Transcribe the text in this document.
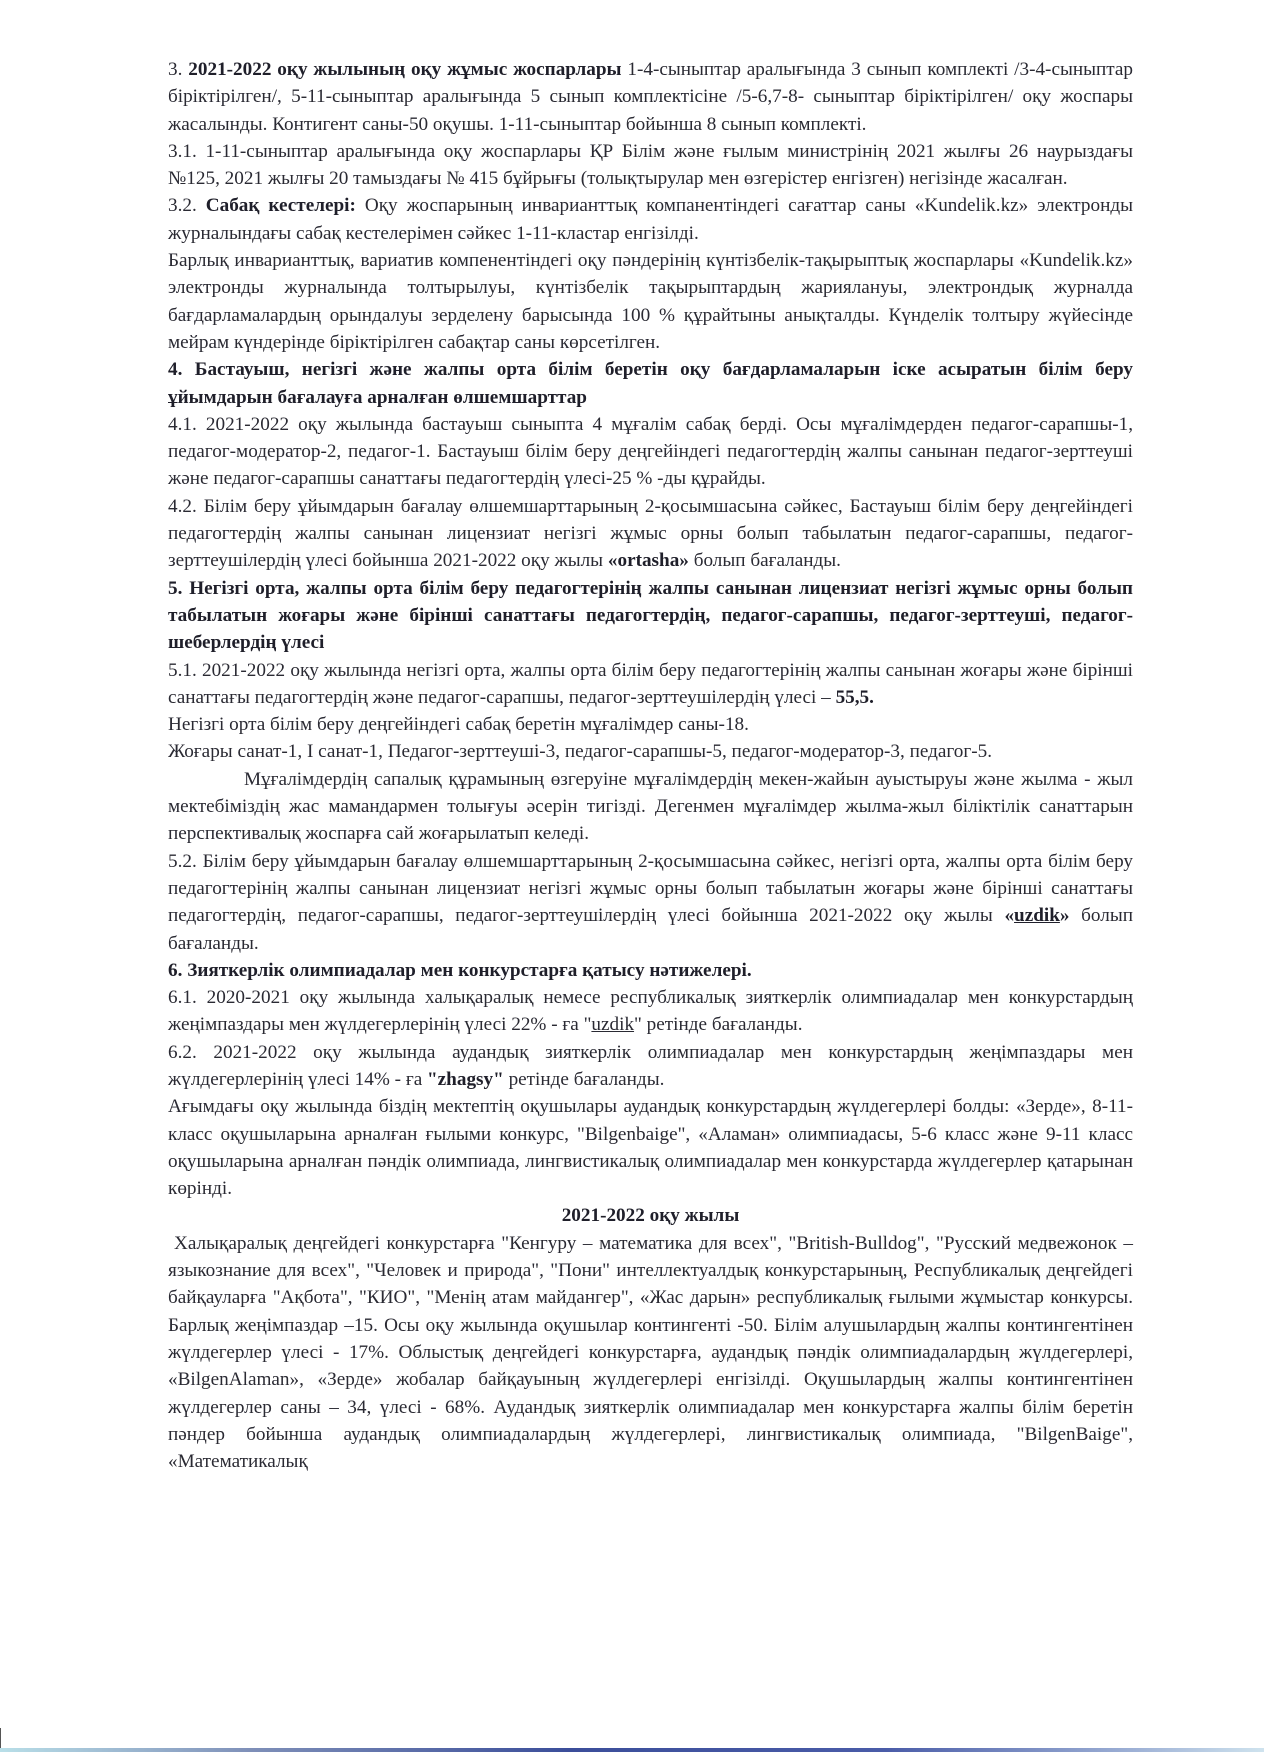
3. 2021-2022 оқу жылының оқу жұмыс жоспарлары 1-4-сыныптар аралығында 3 сынып комплекті /3-4-сыныптар біріктірілген/, 5-11-сыныптар аралығында 5 сынып комплектісіне /5-6,7-8- сыныптар біріктірілген/ оқу жоспары жасалынды. Контигент саны-50 оқушы. 1-11-сыныптар бойынша 8 сынып комплекті.

3.1. 1-11-сыныптар аралығында оқу жоспарлары ҚР Білім және ғылым министрінің 2021 жылғы 26 наурыздағы №125, 2021 жылғы 20 тамыздағы № 415 бұйрығы (толықтырулар мен өзгерістер енгізген) негізінде жасалған.

3.2. Сабақ кестелері: Оқу жоспарының инварианттық компанентіндегі сағаттар саны «Kundelik.kz» электронды журналындағы сабақ кестелерімен сәйкес 1-11-кластар енгізілді.

Барлық инварианттық, вариатив компенентіндегі оқу пәндерінің күнтізбелік-тақырыптық жоспарлары «Kundelik.kz» электронды журналында толтырылуы, күнтізбелік тақырыптардың жариялануы, электрондық журналда бағдарламалардың орындалуы зерделену барысында 100 % құрайтыны анықталды. Күнделік толтыру жүйесінде мейрам күндерінде біріктірілген сабақтар саны көрсетілген.

4. Бастауыш, негізгі және жалпы орта білім беретін оқу бағдарламаларын іске асыратын білім беру ұйымдарын бағалауға арналған өлшемшарттар

4.1. 2021-2022 оқу жылында бастауыш сыныпта 4 мұғалім сабақ берді. Осы мұғалімдерден педагог-сарапшы-1, педагог-модератор-2, педагог-1. Бастауыш білім беру деңгейіндегі педагогтердің жалпы санынан педагог-зерттеуші және педагог-сарапшы санаттағы педагогтердің үлесі-25 % -ды құрайды.

4.2. Білім беру ұйымдарын бағалау өлшемшарттарының 2-қосымшасына сәйкес, Бастауыш білім беру деңгейіндегі педагогтердің жалпы санынан лицензиат негізгі жұмыс орны болып табылатын педагог-сарапшы, педагог-зерттеушілердің үлесі бойынша 2021-2022 оқу жылы «ortasha» болып бағаланды.

5. Негізгі орта, жалпы орта білім беру педагогтерінің жалпы санынан лицензиат негізгі жұмыс орны болып табылатын жоғары және бірінші санаттағы педагогтердің, педагог-сарапшы, педагог-зерттеуші, педагог-шеберлердің үлесі

5.1. 2021-2022 оқу жылында негізгі орта, жалпы орта білім беру педагогтерінің жалпы санынан жоғары және бірінші санаттағы педагогтердің және педагог-сарапшы, педагог-зерттеушілердің үлесі – 55,5.

Негізгі орта білім беру деңгейіндегі сабақ беретін мұғалімдер саны-18.

Жоғары санат-1, I санат-1, Педагог-зерттеуші-3, педагог-сарапшы-5, педагог-модератор-3, педагог-5.

Мұғалімдердің сапалық құрамының өзгеруіне мұғалімдердің мекен-жайын ауыстыруы және жылма - жыл мектебіміздің жас мамандармен толығуы әсерін тигізді. Дегенмен мұғалімдер жылма-жыл біліктілік санаттарын перспективалық жоспарға сай жоғарылатып келеді.

5.2. Білім беру ұйымдарын бағалау өлшемшарттарының 2-қосымшасына сәйкес, негізгі орта, жалпы орта білім беру педагогтерінің жалпы санынан лицензиат негізгі жұмыс орны болып табылатын жоғары және бірінші санаттағы педагогтердің, педагог-сарапшы, педагог-зерттеушілердің үлесі бойынша 2021-2022 оқу жылы «uzdik» болып бағаланды.

6. Зияткерлік олимпиадалар мен конкурстарға қатысу нәтижелері.

6.1. 2020-2021 оқу жылында халықаралық немесе республикалық зияткерлік олимпиадалар мен конкурстардың жеңімпаздары мен жүлдегерлерінің үлесі 22% - ға "uzdik" ретінде бағаланды.

6.2. 2021-2022 оқу жылында аудандық зияткерлік олимпиадалар мен конкурстардың жеңімпаздары мен жүлдегерлерінің үлесі 14% - ға "zhagsy" ретінде бағаланды.

Ағымдағы оқу жылында біздің мектептің оқушылары аудандық конкурстардың жүлдегерлері болды: «Зерде», 8-11-класс оқушыларына арналған ғылыми конкурс, "Bilgenbaige", «Аламан» олимпиадасы, 5-6 класс және 9-11 класс оқушыларына арналған пәндік олимпиада, лингвистикалық олимпиадалар мен конкурстарда жүлдегерлер қатарынан көрінді.

2021-2022 оқу жылы

Халықаралық деңгейдегі конкурстарға "Кенгуру – математика для всех", "British-Bulldog", "Русский медвежонок – языкознание для всех", "Человек и природа", "Пони" интеллектуалдық конкурстарының, Республикалық деңгейдегі байқауларға "Ақбота", "КИО", "Менің атам майдангер", «Жас дарын» республикалық ғылыми жұмыстар конкурсы. Барлық жеңімпаздар –15. Осы оқу жылында оқушылар контингенті -50. Білім алушылардың жалпы контингентінен жүлдегерлер үлесі - 17%. Облыстық деңгейдегі конкурстарға, аудандық пәндік олимпиадалардың жүлдегерлері, «BilgenAlaman», «Зерде» жобалар байқауының жүлдегерлері енгізілді. Оқушылардың жалпы контингентінен жүлдегерлер саны – 34, үлесі - 68%. Аудандық зияткерлік олимпиадалар мен конкурстарға жалпы білім беретін пәндер бойынша аудандық олимпиадалардың жүлдегерлері, лингвистикалық олимпиада, "BilgenBaige", «Математикалық
